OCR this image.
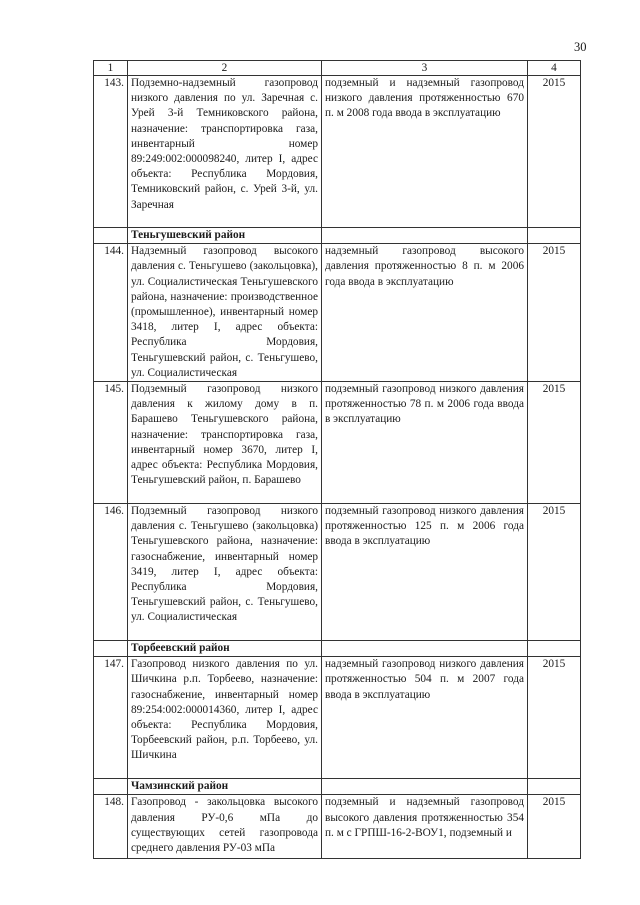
30
1	2	3	4
143.	Подземно-надземный газопровод низкого давления по ул. Заречная с. Урей 3-й Темниковского района, назначение: транспортировка газа, инвентарный номер 89:249:002:000098240, литер I, адрес объекта: Республика Мордовия, Темниковский район, с. Урей 3-й, ул. Заречная	подземный и надземный газопровод низкого давления протяженностью 670 п. м 2008 года ввода в эксплуатацию	2015
	Теньгушевский район		
144.	Надземный газопровод высокого давления с. Теньгушево (закольцовка), ул. Социалистическая Теньгушевского района, назначение: производственное (промышленное), инвентарный номер 3418, литер I, адрес объекта: Республика Мордовия, Теньгушевский район, с. Теньгушево, ул. Социалистическая	надземный газопровод высокого давления протяженностью 8 п. м 2006 года ввода в эксплуатацию	2015
145.	Подземный газопровод низкого давления к жилому дому в п. Барашево Теньгушевского района, назначение: транспортировка газа, инвентарный номер 3670, литер I, адрес объекта: Республика Мордовия, Теньгушевский район, п. Барашево	подземный газопровод низкого давления протяженностью 78 п. м 2006 года ввода в эксплуатацию	2015
146.	Подземный газопровод низкого давления с. Теньгушево (закольцовка) Теньгушевского района, назначение: газоснабжение, инвентарный номер 3419, литер I, адрес объекта: Республика Мордовия, Теньгушевский район, с. Теньгушево, ул. Социалистическая	подземный газопровод низкого давления протяженностью 125 п. м 2006 года ввода в эксплуатацию	2015
	Торбеевский район		
147.	Газопровод низкого давления по ул. Шичкина р.п. Торбеево, назначение: газоснабжение, инвентарный номер 89:254:002:000014360, литер I, адрес объекта: Республика Мордовия, Торбеевский район, р.п. Торбеево, ул. Шичкина	надземный газопровод низкого давления протяженностью 504 п. м 2007 года ввода в эксплуатацию	2015
	Чамзинский район		
148.	Газопровод - закольцовка высокого давления РУ-0,6 мПа до существующих сетей газопровода среднего давления РУ-03 мПа	подземный и надземный газопровод высокого давления протяженностью 354 п. м с ГРПШ-16-2-ВОУ1, подземный и	2015
